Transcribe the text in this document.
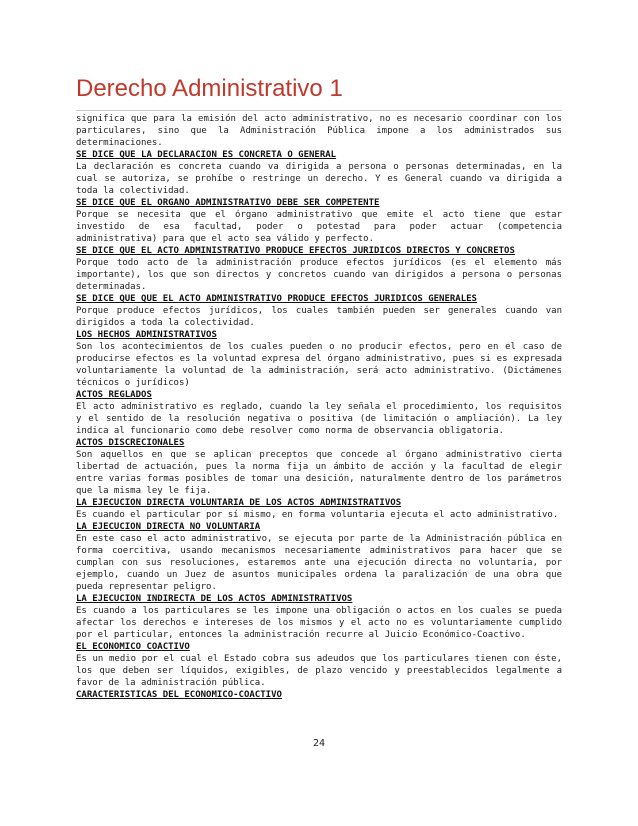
Derecho Administrativo 1

significa que para la emisión del acto administrativo, no es necesario coordinar con los particulares, sino que la Administración Pública impone a los administrados sus determinaciones.

SE DICE QUE LA DECLARACION ES CONCRETA O GENERAL

La declaración es concreta cuando va dirigida a persona o personas determinadas, en la cual se autoriza, se prohíbe o restringe un derecho. Y es General cuando va dirigida a toda la colectividad.

SE DICE QUE EL ORGANO ADMINISTRATIVO DEBE SER COMPETENTE

Porque se necesita que el órgano administrativo que emite el acto tiene que estar investido de esa facultad, poder o potestad para poder actuar (competencia administrativa) para que el acto sea válido y perfecto.

SE DICE QUE EL ACTO ADMINISTRATIVO PRODUCE EFECTOS JURIDICOS DIRECTOS Y CONCRETOS

Porque todo acto de la administración produce efectos jurídicos (es el elemento más importante), los que son directos y concretos cuando van dirigidos a persona o personas determinadas.

SE DICE QUE QUE EL ACTO ADMINISTRATIVO PRODUCE EFECTOS JURIDICOS GENERALES

Porque produce efectos jurídicos, los cuales también pueden ser generales cuando van dirigidos a toda la colectividad.

LOS HECHOS ADMINISTRATIVOS

Son los acontecimientos de los cuales pueden o no producir efectos, pero en el caso de producirse efectos es la voluntad expresa del órgano administrativo, pues si es expresada voluntariamente la voluntad de la administración, será acto administrativo. (Dictámenes técnicos o jurídicos)

ACTOS REGLADOS

El acto administrativo es reglado, cuando la ley señala el procedimiento, los requisitos y el sentido de la resolución negativa o positiva (de limitación o ampliación). La ley indica al funcionario como debe resolver como norma de observancia obligatoria.

ACTOS DISCRECIONALES

Son aquellos en que se aplican preceptos que concede al órgano administrativo cierta libertad de actuación, pues la norma fija un ámbito de acción y la facultad de elegir entre varias formas posibles de tomar una desición, naturalmente dentro de los parámetros que la misma ley le fija.

LA EJECUCION DIRECTA VOLUNTARIA DE LOS ACTOS ADMINISTRATIVOS

Es cuando el particular por sí mismo, en forma voluntaria ejecuta el acto administrativo.

LA EJECUCION DIRECTA NO VOLUNTARIA

En este caso el acto administrativo, se ejecuta por parte de la Administración pública en forma coercitiva, usando mecanismos necesariamente administrativos para hacer que se cumplan con sus resoluciones, estaremos ante una ejecución directa no voluntaria, por ejemplo, cuando un Juez de asuntos municipales ordena la paralización de una obra que pueda representar peligro.

LA EJECUCION INDIRECTA DE LOS ACTOS ADMINISTRATIVOS

Es cuando a los particulares se les impone una obligación o actos en los cuales se pueda afectar los derechos e intereses de los mismos y el acto no es voluntariamente cumplido por el particular, entonces la administración recurre al Juicio Económico-Coactivo.

EL ECONOMICO COACTIVO

Es un medio por el cual el Estado cobra sus adeudos que los particulares tienen con éste, los que deben ser líquidos, exigibles, de plazo vencido y preestablecidos legalmente a favor de la administración pública.

CARACTERISTICAS DEL ECONOMICO-COACTIVO
24
